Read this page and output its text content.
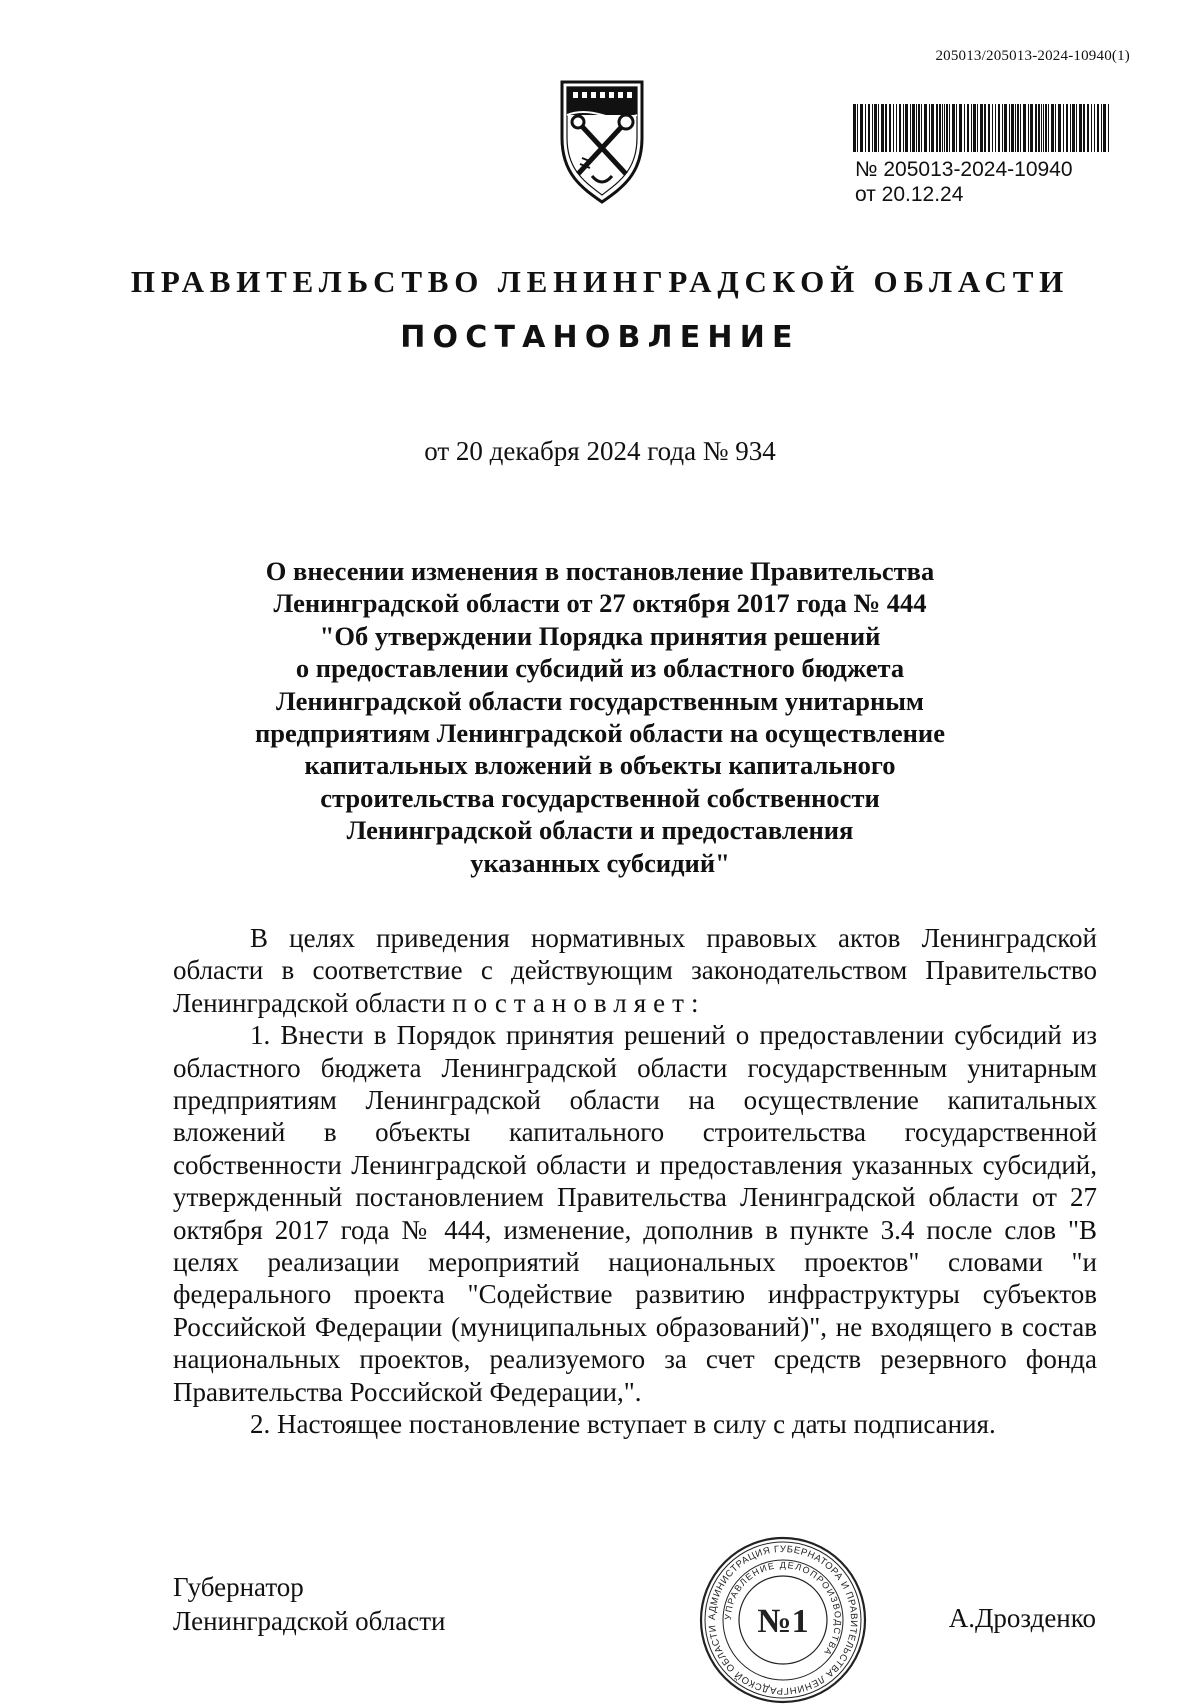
205013/205013-2024-10940(1)
№ 205013-2024-10940
от 20.12.24
ПРАВИТЕЛЬСТВО ЛЕНИНГРАДСКОЙ ОБЛАСТИ
ПОСТАНОВЛЕНИЕ
от 20 декабря 2024 года № 934
О внесении изменения в постановление Правительства
Ленинградской области от 27 октября 2017 года № 444
"Об утверждении Порядка принятия решений
о предоставлении субсидий из областного бюджета
Ленинградской области государственным унитарным
предприятиям Ленинградской области на осуществление
капитальных вложений в объекты капитального
строительства государственной собственности
Ленинградской области и предоставления
указанных субсидий"

В целях приведения нормативных правовых актов Ленинградской области в соответствие с действующим законодательством Правительство Ленинградской области постановляет:

1. Внести в Порядок принятия решений о предоставлении субсидий из областного бюджета Ленинградской области государственным унитарным предприятиям Ленинградской области на осуществление капитальных вложений в объекты капитального строительства государственной собственности Ленинградской области и предоставления указанных субсидий, утвержденный постановлением Правительства Ленинградской области от 27 октября 2017 года № 444, изменение, дополнив в пункте 3.4 после слов "В целях реализации мероприятий национальных проектов" словами "и федерального проекта "Содействие развитию инфраструктуры субъектов Российской Федерации (муниципальных образований)", не входящего в состав национальных проектов, реализуемого за счет средств резервного фонда Правительства Российской Федерации,".

2. Настоящее постановление вступает в силу с даты подписания.

Губернатор
Ленинградской области	А.Дрозденко
АДМИНИСТРАЦИЯ ГУБЕРНАТОРА И ПРАВИТЕЛЬСТВА ЛЕНИНГРАДСКОЙ ОБЛАСТИ
УПРАВЛЕНИЕ ДЕЛОПРОИЗВОДСТВА
№1
